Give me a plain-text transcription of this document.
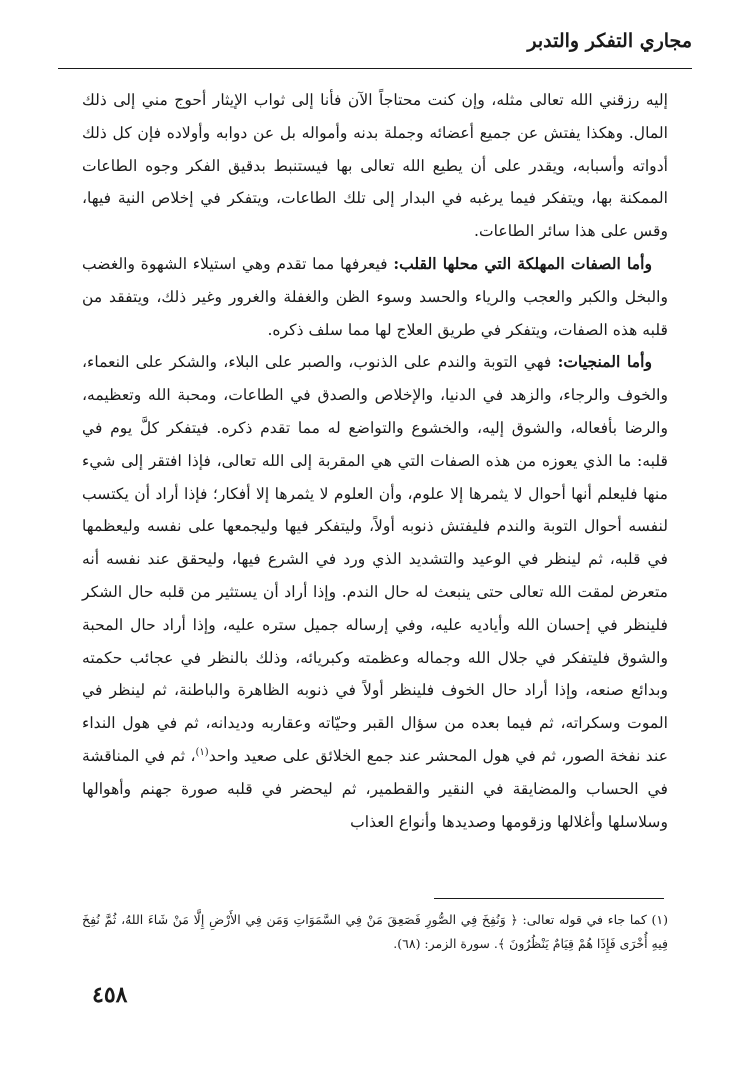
مجاري التفكر والتدبر

إليه رزقني الله تعالى مثله، وإن كنت محتاجاً الآن فأنا إلى ثواب الإيثار أحوج مني إلى ذلك المال. وهكذا يفتش عن جميع أعضائه وجملة بدنه وأمواله بل عن دوابه وأولاده فإن كل ذلك أدواته وأسبابه، ويقدر على أن يطيع الله تعالى بها فيستنبط بدقيق الفكر وجوه الطاعات الممكنة بها، ويتفكر فيما يرغبه في البدار إلى تلك الطاعات، ويتفكر في إخلاص النية فيها، وقس على هذا سائر الطاعات.

وأما الصفات المهلكة التي محلها القلب: فيعرفها مما تقدم وهي استيلاء الشهوة والغضب والبخل والكبر والعجب والرياء والحسد وسوء الظن والغفلة والغرور وغير ذلك، ويتفقد من قلبه هذه الصفات، ويتفكر في طريق العلاج لها مما سلف ذكره.

وأما المنجيات: فهي التوبة والندم على الذنوب، والصبر على البلاء، والشكر على النعماء، والخوف والرجاء، والزهد في الدنيا، والإخلاص والصدق في الطاعات، ومحبة الله وتعظيمه، والرضا بأفعاله، والشوق إليه، والخشوع والتواضع له مما تقدم ذكره. فيتفكر كلَّ يوم في قلبه: ما الذي يعوزه من هذه الصفات التي هي المقربة إلى الله تعالى، فإذا افتقر إلى شيء منها فليعلم أنها أحوال لا يثمرها إلا علوم، وأن العلوم لا يثمرها إلا أفكار؛ فإذا أراد أن يكتسب لنفسه أحوال التوبة والندم فليفتش ذنوبه أولاً، وليتفكر فيها وليجمعها على نفسه وليعظمها في قلبه، ثم لينظر في الوعيد والتشديد الذي ورد في الشرع فيها، وليحقق عند نفسه أنه متعرض لمقت الله تعالى حتى ينبعث له حال الندم. وإذا أراد أن يستثير من قلبه حال الشكر فلينظر في إحسان الله وأياديه عليه، وفي إرساله جميل ستره عليه، وإذا أراد حال المحبة والشوق فليتفكر في جلال الله وجماله وعظمته وكبريائه، وذلك بالنظر في عجائب حكمته وبدائع صنعه، وإذا أراد حال الخوف فلينظر أولاً في ذنوبه الظاهرة والباطنة، ثم لينظر في الموت وسكراته، ثم فيما بعده من سؤال القبر وحيّاته وعقاربه وديدانه، ثم في هول النداء عند نفخة الصور، ثم في هول المحشر عند جمع الخلائق على صعيد واحد$^{(١)}$، ثم في المناقشة في الحساب والمضايقة في النقير والقطمير، ثم ليحضر في قلبه صورة جهنم وأهوالها وسلاسلها وأغلالها وزقومها وصديدها وأنواع العذاب

(١) كما جاء في قوله تعالى: ﴿ وَنُفِخَ فِي الصُّورِ فَصَعِقَ مَنْ فِي السَّمَوَاتِ وَمَن فِي الأَرْضِ إِلَّا مَنْ شَاءَ اللهُ، ثُمَّ نُفِخَ فِيهِ أُخْرَى فَإِذَا هُمْ قِيَامٌ يَنْظُرُونَ ﴾. سورة الزمر: (٦٨).

٤٥٨
